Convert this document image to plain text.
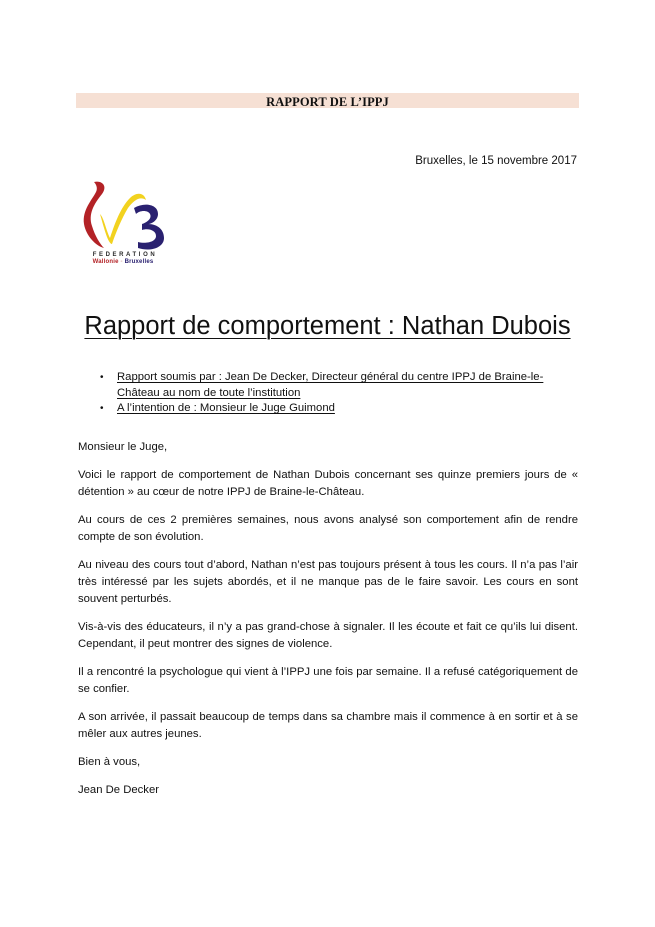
RAPPORT DE L’IPPJ
Bruxelles, le 15 novembre 2017
FEDERATION
Wallonie - Bruxelles
Rapport de comportement : Nathan Dubois
• Rapport soumis par : Jean De Decker, Directeur général du centre IPPJ de Braine-le-Château au nom de toute l’institution
• A l’intention de : Monsieur le Juge Guimond

Monsieur le Juge,

Voici le rapport de comportement de Nathan Dubois concernant ses quinze premiers jours de « détention » au cœur de notre IPPJ de Braine-le-Château.

Au cours de ces 2 premières semaines, nous avons analysé son comportement afin de rendre compte de son évolution.

Au niveau des cours tout d’abord, Nathan n’est pas toujours présent à tous les cours. Il n’a pas l’air très intéressé par les sujets abordés, et il ne manque pas de le faire savoir. Les cours en sont souvent perturbés.

Vis-à-vis des éducateurs, il n’y a pas grand-chose à signaler. Il les écoute et fait ce qu’ils lui disent. Cependant, il peut montrer des signes de violence.

Il a rencontré la psychologue qui vient à l’IPPJ une fois par semaine. Il a refusé catégoriquement de se confier.

A son arrivée, il passait beaucoup de temps dans sa chambre mais il commence à en sortir et à se mêler aux autres jeunes.

Bien à vous,

Jean De Decker
